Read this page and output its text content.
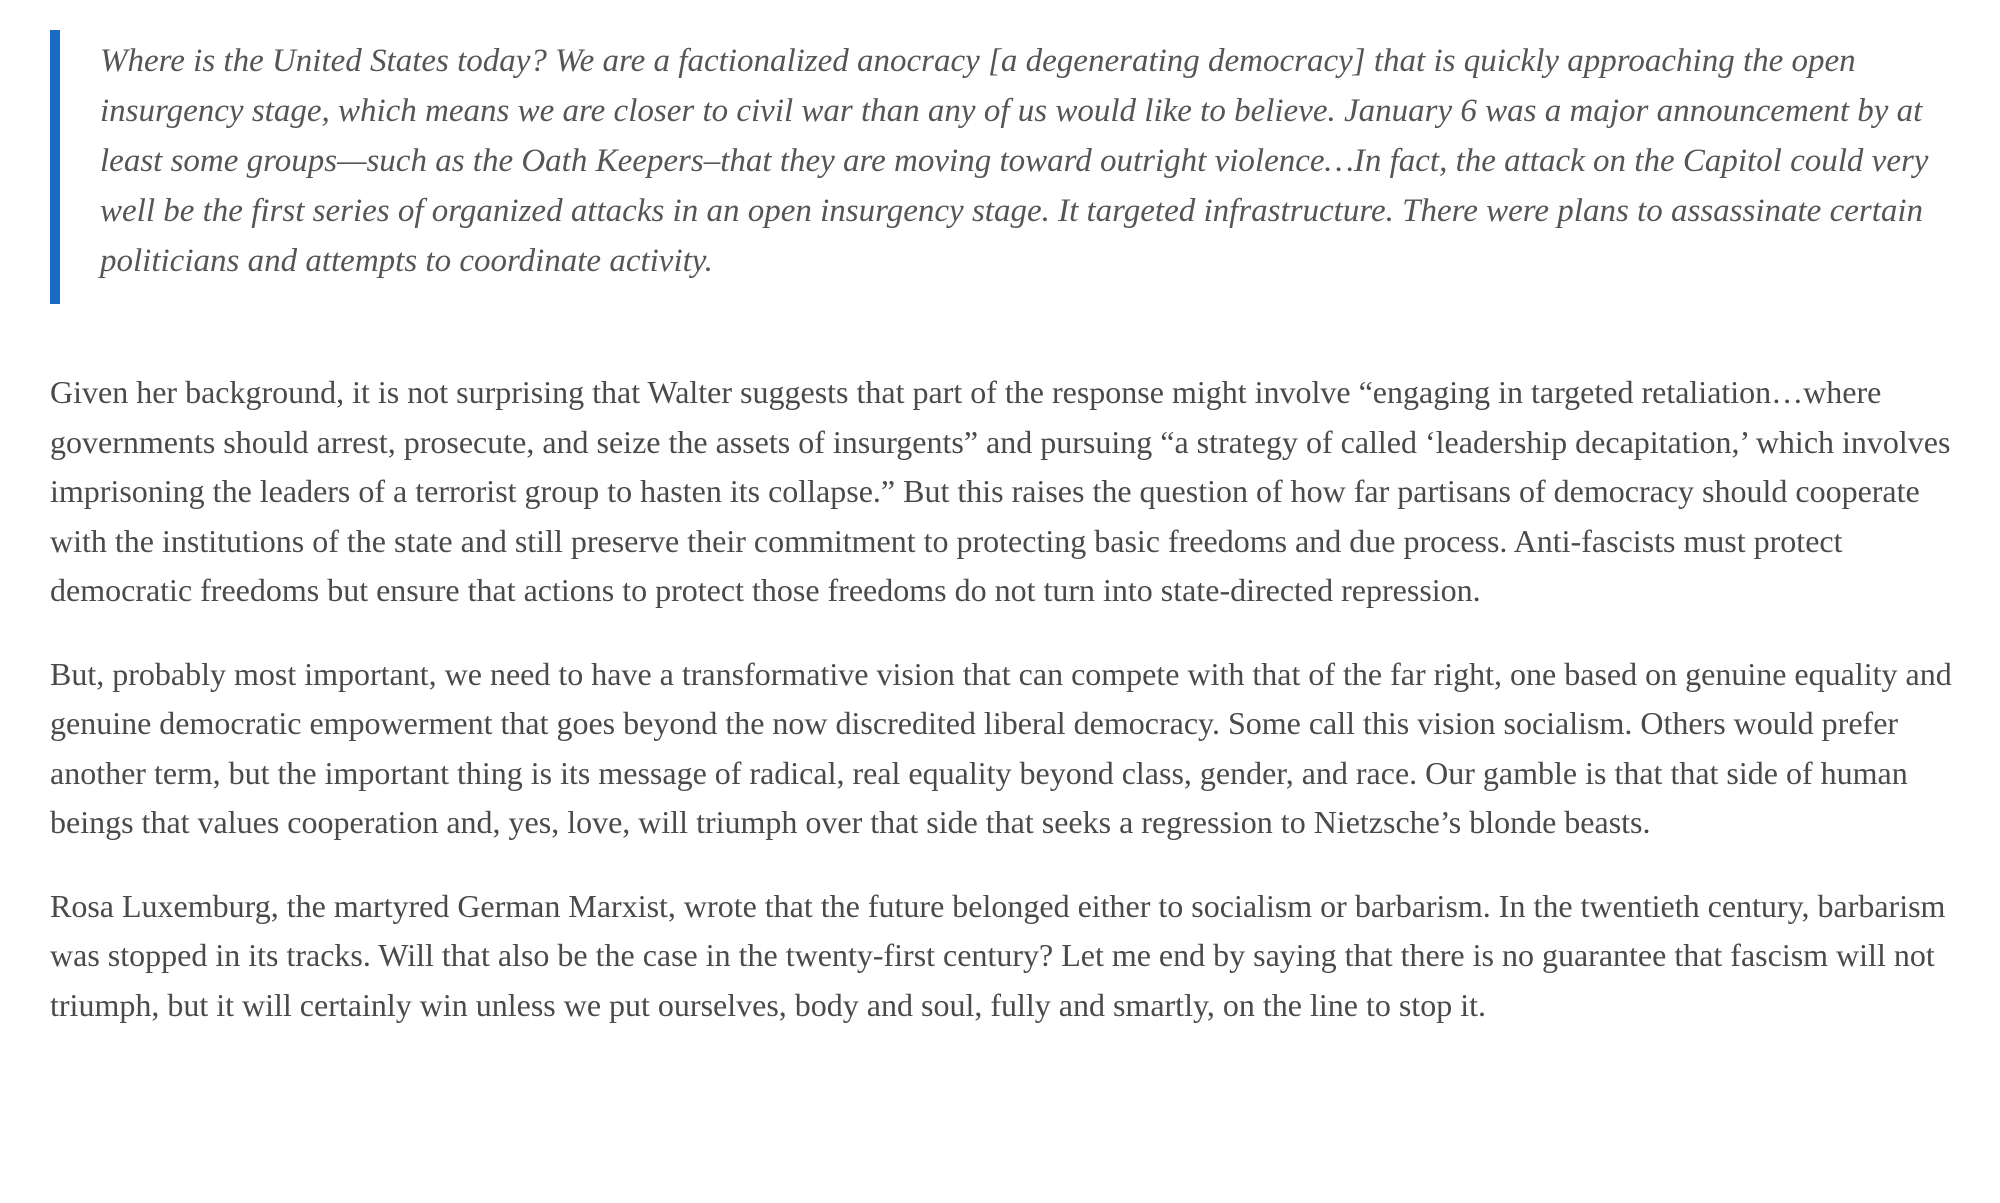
Where is the United States today? We are a factionalized anocracy [a degenerating democracy] that is quickly approaching the open insurgency stage, which means we are closer to civil war than any of us would like to believe. January 6 was a major announcement by at least some groups—such as the Oath Keepers–that they are moving toward outright violence…In fact, the attack on the Capitol could very well be the first series of organized attacks in an open insurgency stage. It targeted infrastructure. There were plans to assassinate certain politicians and attempts to coordinate activity.

Given her background, it is not surprising that Walter suggests that part of the response might involve “engaging in targeted retaliation…where governments should arrest, prosecute, and seize the assets of insurgents” and pursuing “a strategy of called ‘leadership decapitation,’ which involves imprisoning the leaders of a terrorist group to hasten its collapse.” But this raises the question of how far partisans of democracy should cooperate with the institutions of the state and still preserve their commitment to protecting basic freedoms and due process. Anti-fascists must protect democratic freedoms but ensure that actions to protect those freedoms do not turn into state-directed repression.

But, probably most important, we need to have a transformative vision that can compete with that of the far right, one based on genuine equality and genuine democratic empowerment that goes beyond the now discredited liberal democracy. Some call this vision socialism. Others would prefer another term, but the important thing is its message of radical, real equality beyond class, gender, and race. Our gamble is that that side of human beings that values cooperation and, yes, love, will triumph over that side that seeks a regression to Nietzsche’s blonde beasts.

Rosa Luxemburg, the martyred German Marxist, wrote that the future belonged either to socialism or barbarism. In the twentieth century, barbarism was stopped in its tracks. Will that also be the case in the twenty-first century? Let me end by saying that there is no guarantee that fascism will not triumph, but it will certainly win unless we put ourselves, body and soul, fully and smartly, on the line to stop it.
